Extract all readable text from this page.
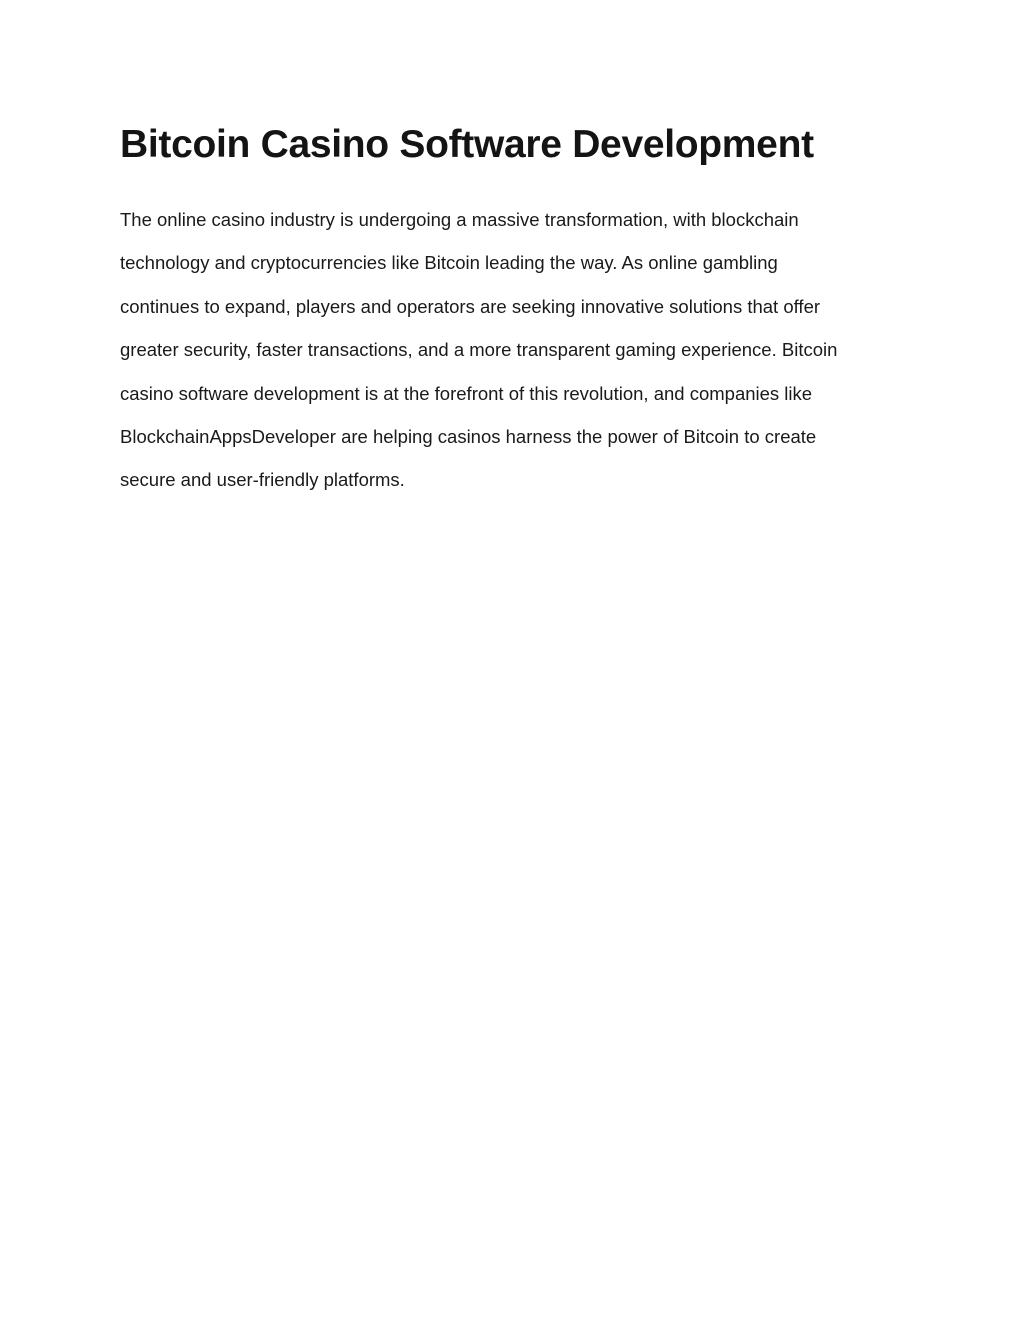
Bitcoin Casino Software Development

The online casino industry is undergoing a massive transformation, with blockchain
technology and cryptocurrencies like Bitcoin leading the way. As online gambling
continues to expand, players and operators are seeking innovative solutions that offer
greater security, faster transactions, and a more transparent gaming experience. Bitcoin
casino software development is at the forefront of this revolution, and companies like
BlockchainAppsDeveloper are helping casinos harness the power of Bitcoin to create
secure and user-friendly platforms.
